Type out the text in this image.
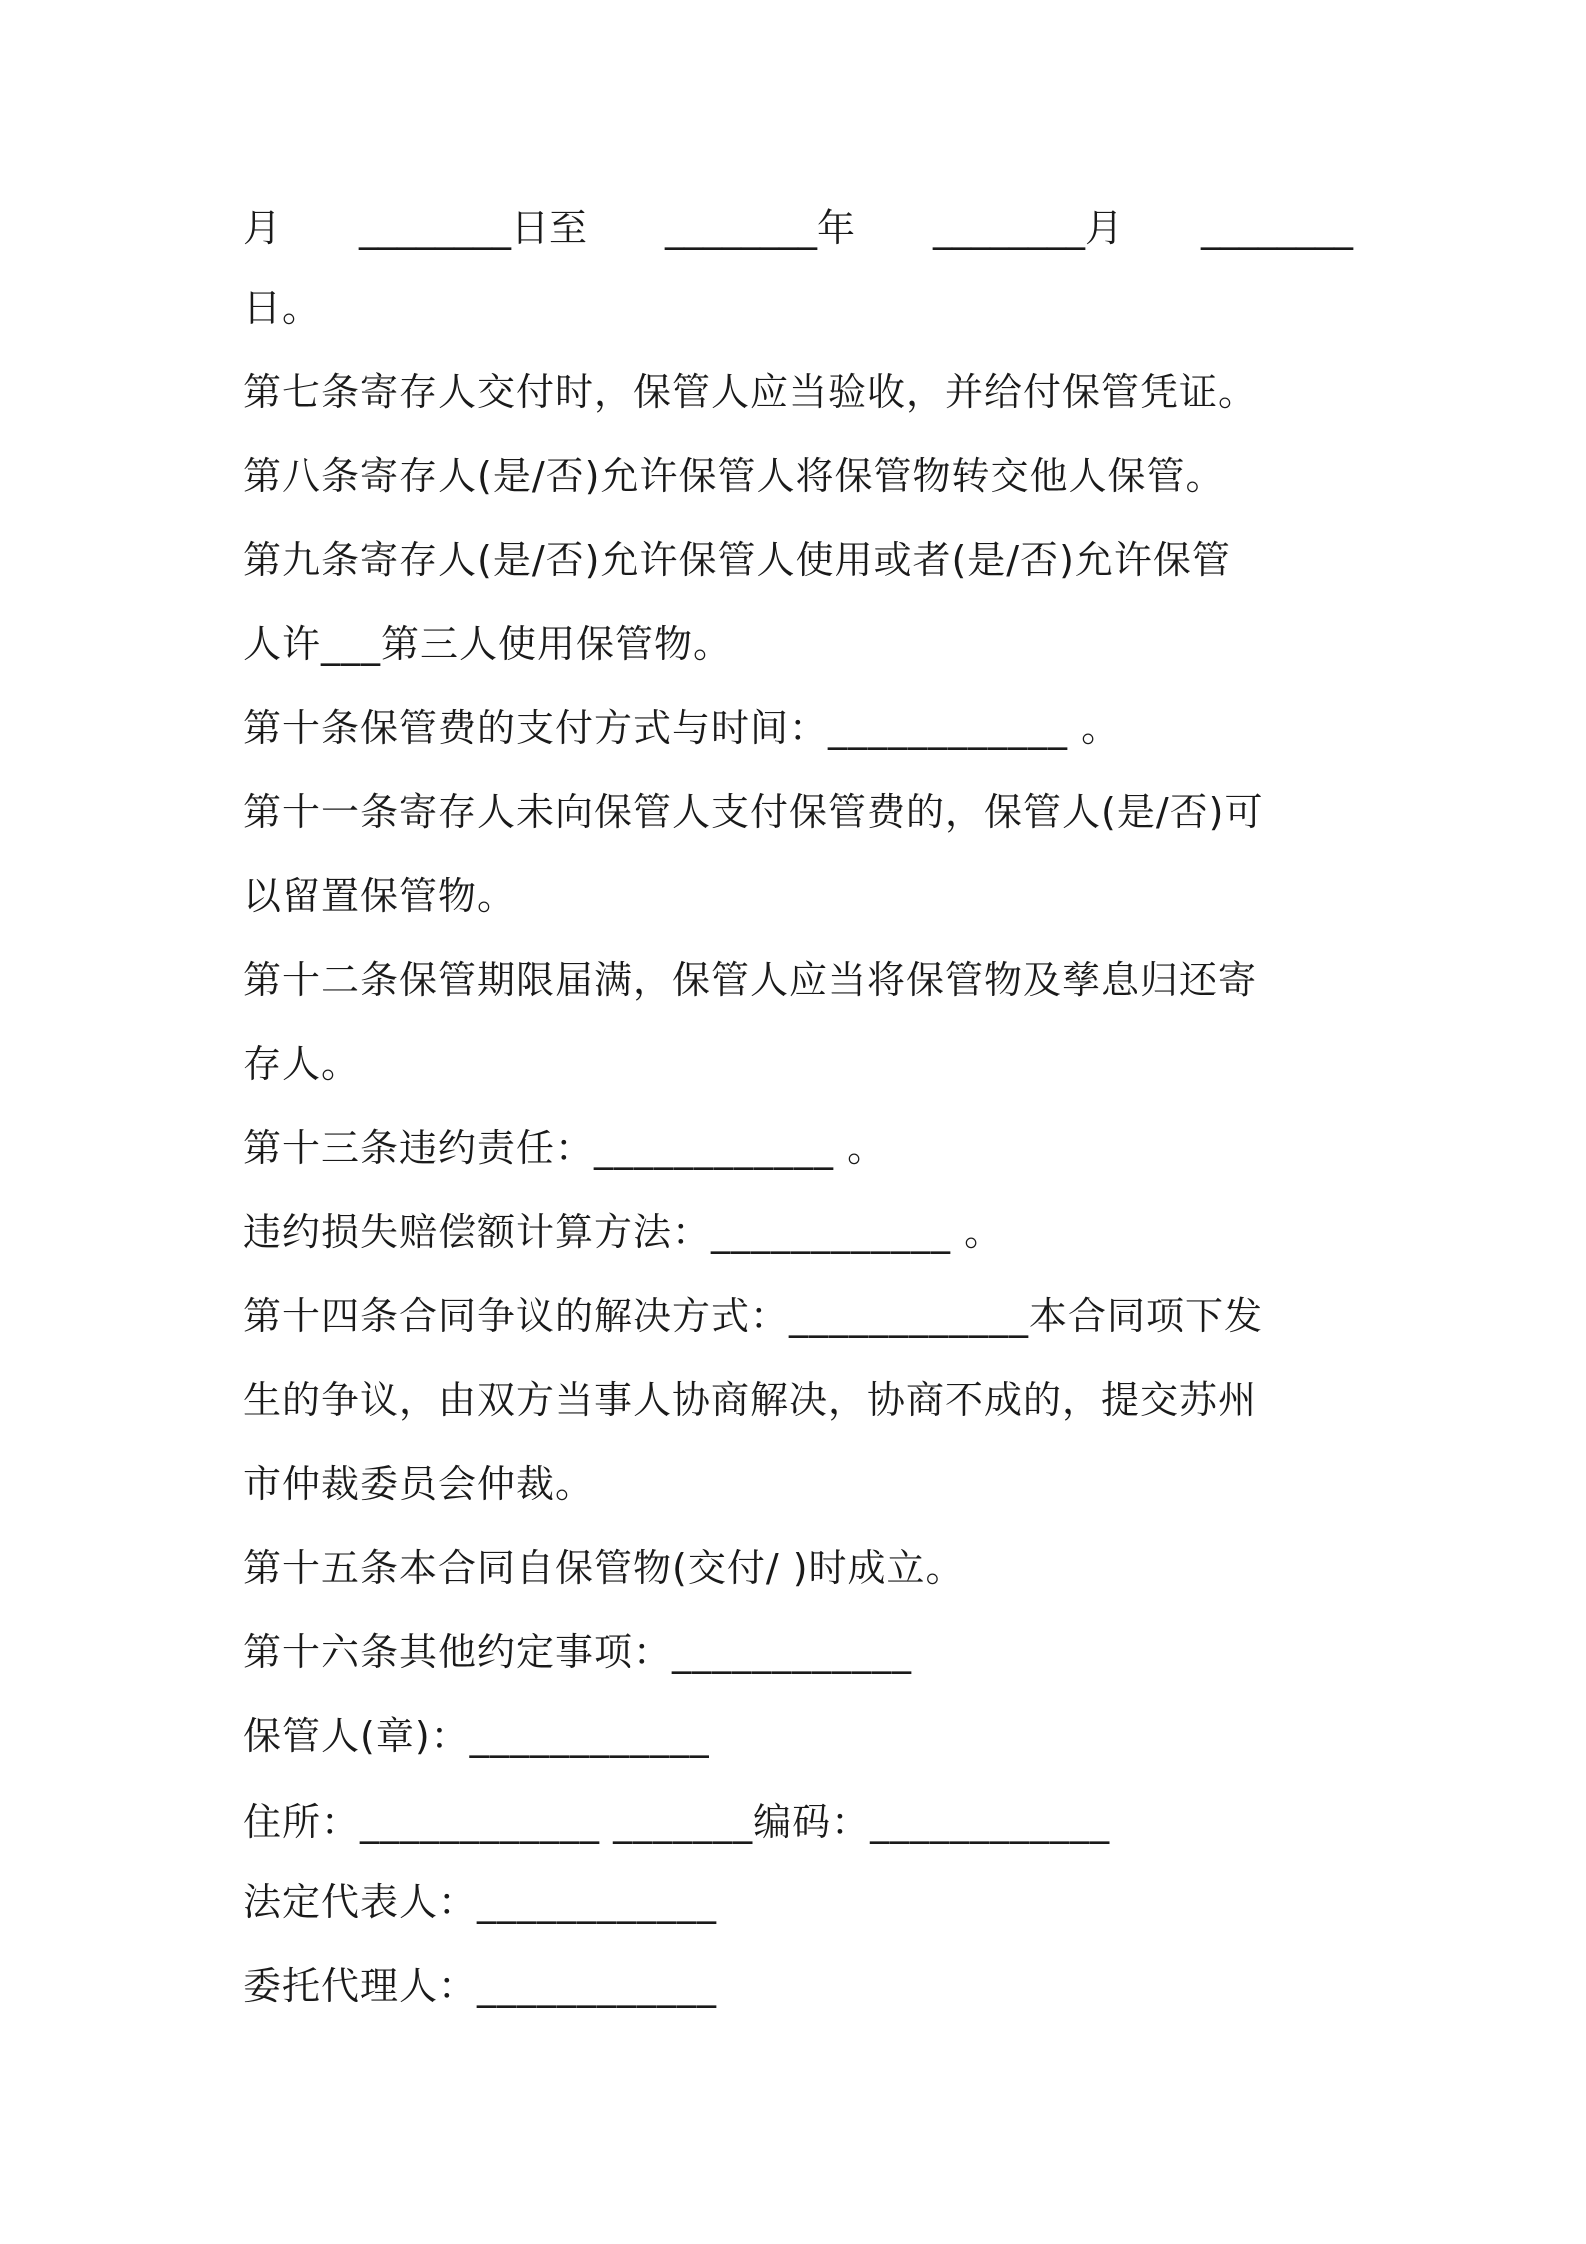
月 ________日至 ________年 ________月 ________
日。
第七条寄存人交付时，保管人应当验收，并给付保管凭证。
第八条寄存人(是/否)允许保管人将保管物转交他人保管。
第九条寄存人(是/否)允许保管人使用或者(是/否)允许保管
人许___第三人使用保管物。
第十条保管费的支付方式与时间：____________ 。
第十一条寄存人未向保管人支付保管费的，保管人(是/否)可
以留置保管物。
第十二条保管期限届满，保管人应当将保管物及孳息归还寄
存人。
第十三条违约责任：____________ 。
违约损失赔偿额计算方法：____________ 。
第十四条合同争议的解决方式：____________本合同项下发
生的争议，由双方当事人协商解决，协商不成的，提交苏州
市仲裁委员会仲裁。
第十五条本合同自保管物(交付/ )时成立。
第十六条其他约定事项：____________
保管人(章)：____________
住所：____________ _______编码：____________
法定代表人：____________
委托代理人：____________
